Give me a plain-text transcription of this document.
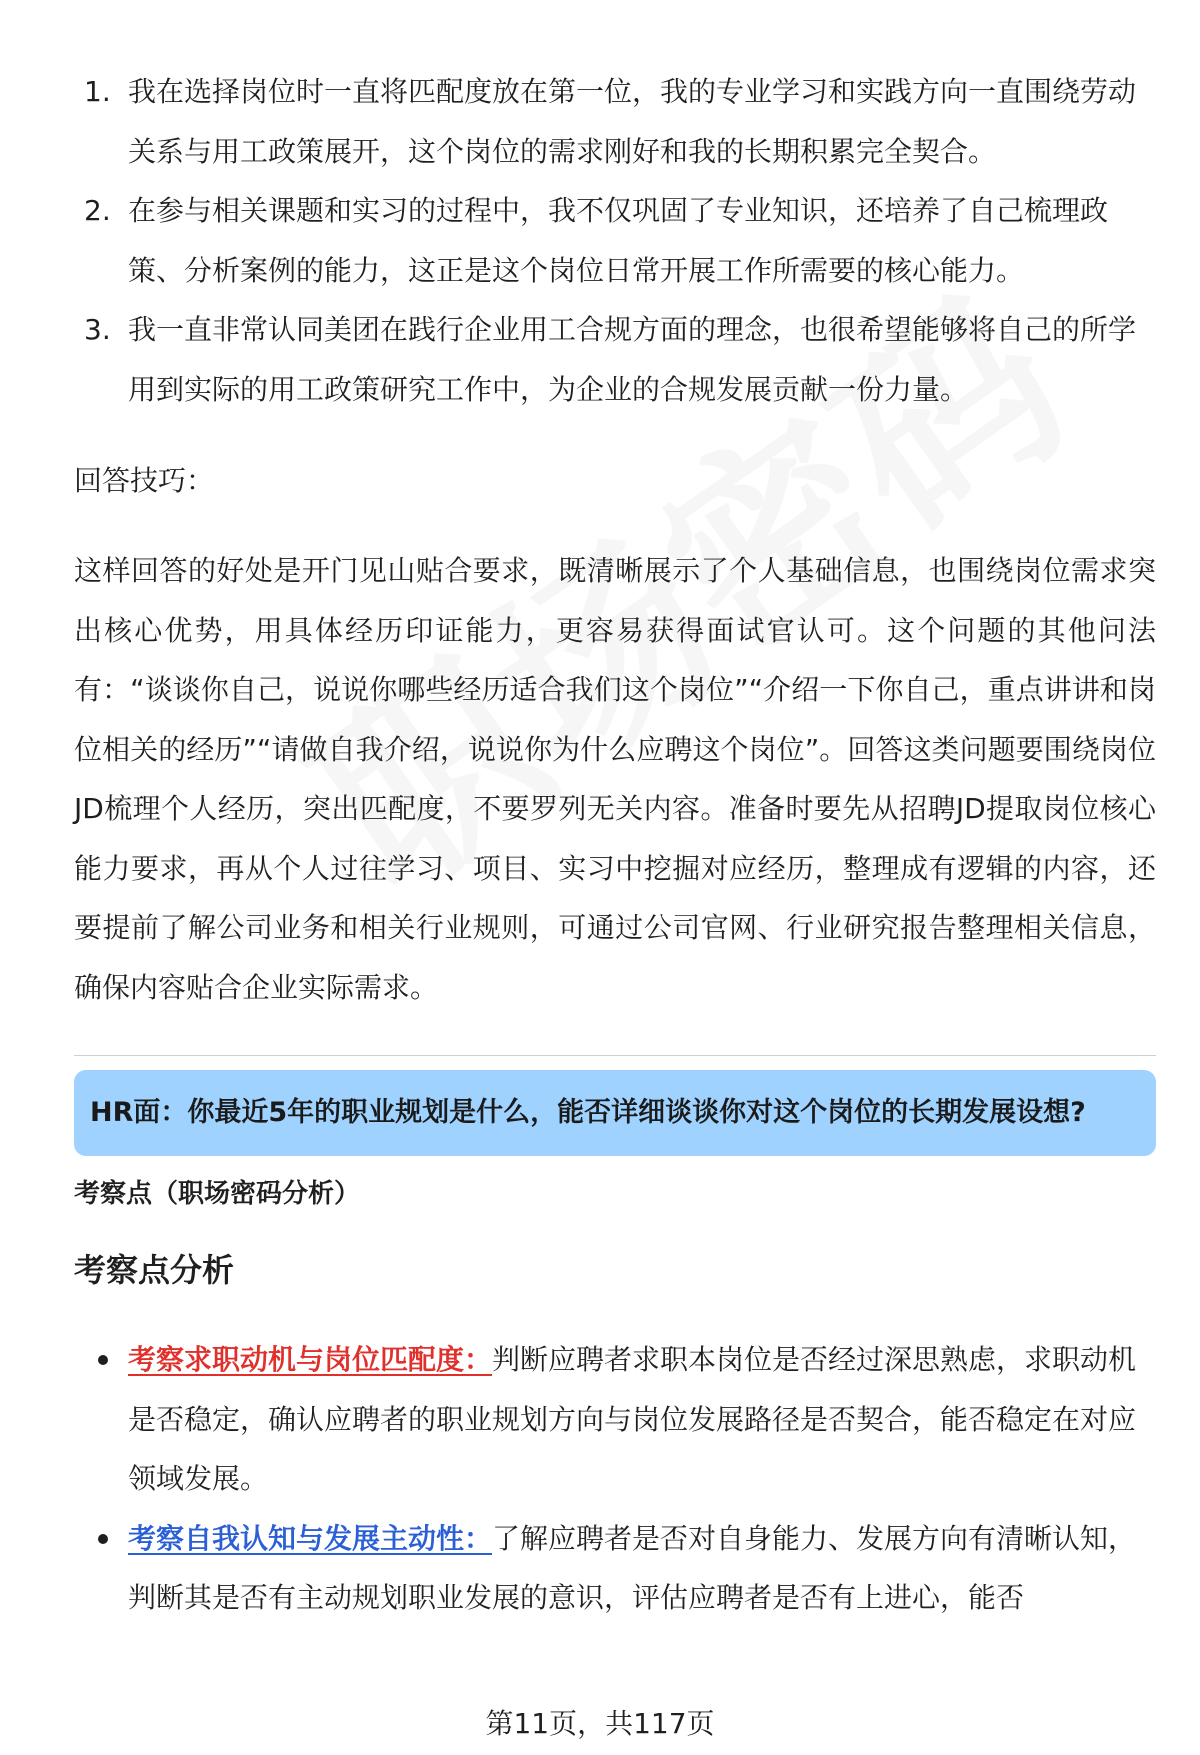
1. 我在选择岗位时一直将匹配度放在第一位，我的专业学习和实践方向一直围绕劳动关系与用工政策展开，这个岗位的需求刚好和我的长期积累完全契合。
2. 在参与相关课题和实习的过程中，我不仅巩固了专业知识，还培养了自己梳理政策、分析案例的能力，这正是这个岗位日常开展工作所需要的核心能力。
3. 我一直非常认同美团在践行企业用工合规方面的理念，也很希望能够将自己的所学用到实际的用工政策研究工作中，为企业的合规发展贡献一份力量。
回答技巧：
这样回答的好处是开门见山贴合要求，既清晰展示了个人基础信息，也围绕岗位需求突出核心优势，用具体经历印证能力，更容易获得面试官认可。这个问题的其他问法有：“谈谈你自己，说说你哪些经历适合我们这个岗位”“介绍一下你自己，重点讲讲和岗位相关的经历”“请做自我介绍，说说你为什么应聘这个岗位”。回答这类问题要围绕岗位JD梳理个人经历，突出匹配度，不要罗列无关内容。准备时要先从招聘JD提取岗位核心能力要求，再从个人过往学习、项目、实习中挖掘对应经历，整理成有逻辑的内容，还要提前了解公司业务和相关行业规则，可通过公司官网、行业研究报告整理相关信息，确保内容贴合企业实际需求。
HR面：你最近5年的职业规划是什么，能否详细谈谈你对这个岗位的长期发展设想?
考察点（职场密码分析）
考察点分析
考察求职动机与岗位匹配度：判断应聘者求职本岗位是否经过深思熟虑，求职动机是否稳定，确认应聘者的职业规划方向与岗位发展路径是否契合，能否稳定在对应领域发展。
考察自我认知与发展主动性：了解应聘者是否对自身能力、发展方向有清晰认知，判断其是否有主动规划职业发展的意识，评估应聘者是否有上进心，能否
第11页，共117页
